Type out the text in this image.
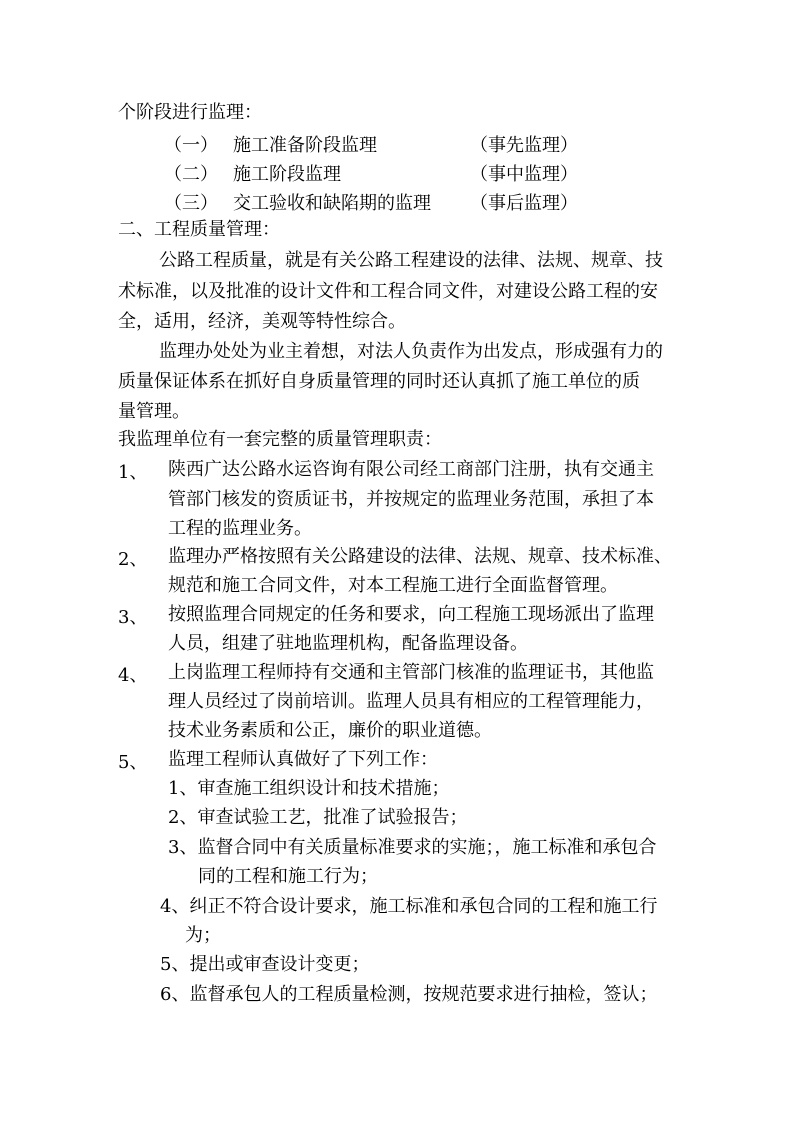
个阶段进行监理：
（一） 施工准备阶段监理	（事先监理）
（二） 施工阶段监理	（事中监理）
（三） 交工验收和缺陷期的监理 （事后监理）
二、工程质量管理：
公路工程质量，就是有关公路工程建设的法律、法规、规章、技
术标准，以及批准的设计文件和工程合同文件，对建设公路工程的安
全，适用，经济，美观等特性综合。
监理办处处为业主着想，对法人负责作为出发点，形成强有力的
质量保证体系在抓好自身质量管理的同时还认真抓了施工单位的质
量管理。
我监理单位有一套完整的质量管理职责：
1、 陕西广达公路水运咨询有限公司经工商部门注册，执有交通主
管部门核发的资质证书，并按规定的监理业务范围，承担了本
工程的监理业务。
2、 监理办严格按照有关公路建设的法律、法规、规章、技术标准、
规范和施工合同文件，对本工程施工进行全面监督管理。
3、 按照监理合同规定的任务和要求，向工程施工现场派出了监理
人员，组建了驻地监理机构，配备监理设备。
4、 上岗监理工程师持有交通和主管部门核准的监理证书，其他监
理人员经过了岗前培训。监理人员具有相应的工程管理能力，
技术业务素质和公正，廉价的职业道德。
5、 监理工程师认真做好了下列工作：
1、审查施工组织设计和技术措施；
2、审查试验工艺，批准了试验报告；
3、监督合同中有关质量标准要求的实施；，施工标准和承包合
同的工程和施工行为；
4、纠正不符合设计要求，施工标准和承包合同的工程和施工行
为；
5、提出或审查设计变更；
6、监督承包人的工程质量检测，按规范要求进行抽检，签认；
